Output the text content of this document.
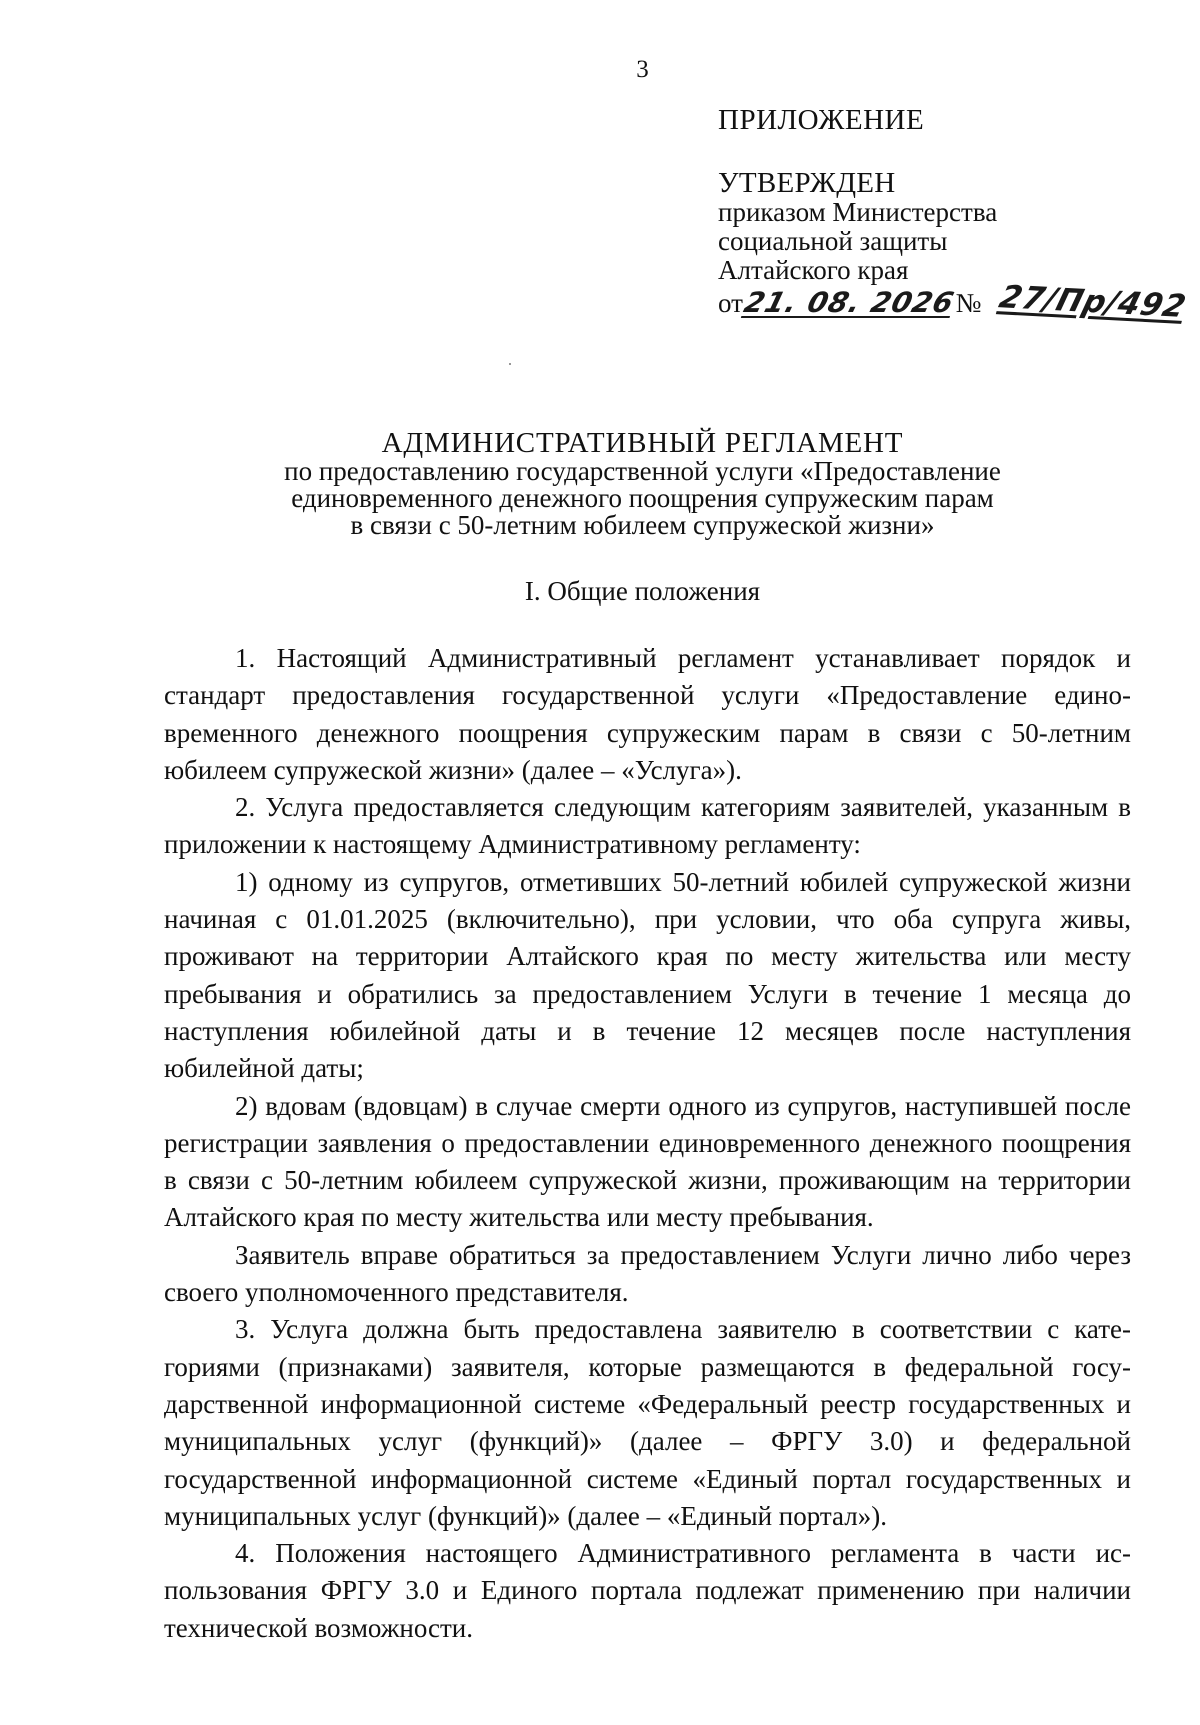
3
ПРИЛОЖЕНИЕ
УТВЕРЖДЕН
приказом Министерства
социальной защиты
Алтайского края
от
21. 08. 2026
№ 27/Пр/492
АДМИНИСТРАТИВНЫЙ РЕГЛАМЕНТ
по предоставлению государственной услуги «Предоставление
единовременного денежного поощрения супружеским парам
в связи с 50-летним юбилеем супружеской жизни»
I. Общие положения

1. Настоящий Административный регламент устанавливает порядок и стандарт предоставления государственной услуги «Предоставление единовременного денежного поощрения супружеским парам в связи с 50-летним юбилеем супружеской жизни» (далее – «Услуга»).

2. Услуга предоставляется следующим категориям заявителей, указанным в приложении к настоящему Административному регламенту:

1) одному из супругов, отметивших 50-летний юбилей супружеской жизни начиная с 01.01.2025 (включительно), при условии, что оба супруга живы, проживают на территории Алтайского края по месту жительства или месту пребывания и обратились за предоставлением Услуги в течение 1 месяца до наступления юбилейной даты и в течение 12 месяцев после наступления юбилейной даты;

2) вдовам (вдовцам) в случае смерти одного из супругов, наступившей после регистрации заявления о предоставлении единовременного денежного поощрения в связи с 50-летним юбилеем супружеской жизни, проживающим на территории Алтайского края по месту жительства или месту пребывания.

Заявитель вправе обратиться за предоставлением Услуги лично либо через своего уполномоченного представителя.

3. Услуга должна быть предоставлена заявителю в соответствии с категориями (признаками) заявителя, которые размещаются в федеральной государственной информационной системе «Федеральный реестр государственных и муниципальных услуг (функций)» (далее – ФРГУ 3.0) и федеральной государственной информационной системе «Единый портал государственных и муниципальных услуг (функций)» (далее – «Единый портал»).

4. Положения настоящего Административного регламента в части использования ФРГУ 3.0 и Единого портала подлежат применению при наличии технической возможности.
